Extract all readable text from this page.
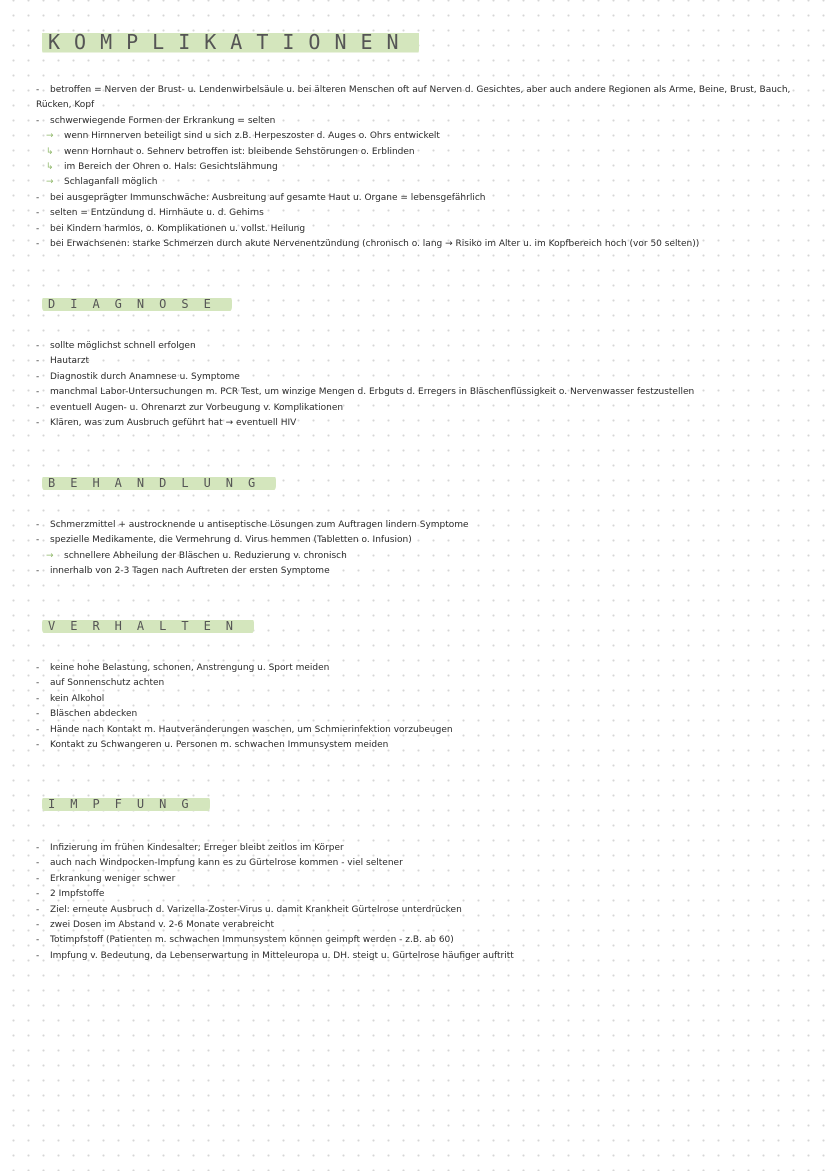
KOMPLIKATIONEN
- betroffen = Nerven der Brust- u. Lendenwirbelsäule u. bei älteren Menschen oft auf Nerven d. Gesichtes, aber auch andere Regionen als Arme, Beine, Brust, Bauch, Rücken, Kopf
- schwerwiegende Formen der Erkrankung = selten
→ wenn Hirnnerven beteiligt sind u sich z.B. Herpeszoster d. Auges o. Ohrs entwickelt
↳ wenn Hornhaut o. Sehnerv betroffen ist: bleibende Sehstörungen o. Erblinden
↳ im Bereich der Ohren o. Hals: Gesichtslähmung
→ Schlaganfall möglich
- bei ausgeprägter Immunschwäche: Ausbreitung auf gesamte Haut u. Organe = lebensgefährlich
- selten = Entzündung d. Hirnhäute u. d. Gehirns
- bei Kindern harmlos, o. Komplikationen u. vollst. Heilung
- bei Erwachsenen: starke Schmerzen durch akute Nervenentzündung (chronisch o. lang → Risiko im Alter u. im Kopfbereich hoch (vor 50 selten))
DIAGNOSE
- sollte möglichst schnell erfolgen
- Hautarzt
- Diagnostik durch Anamnese u. Symptome
- manchmal Labor-Untersuchungen m. PCR Test, um winzige Mengen d. Erbguts d. Erregers in Bläschenflüssigkeit o. Nervenwasser festzustellen
- eventuell Augen- u. Ohrenarzt zur Vorbeugung v. Komplikationen
- Klären, was zum Ausbruch geführt hat → eventuell HIV
BEHANDLUNG
- Schmerzmittel + austrocknende u antiseptische Lösungen zum Auftragen lindern Symptome
- spezielle Medikamente, die Vermehrung d. Virus hemmen (Tabletten o. Infusion)
→ schnellere Abheilung der Bläschen u. Reduzierung v. chronisch
- innerhalb von 2-3 Tagen nach Auftreten der ersten Symptome
VERHALTEN
- keine hohe Belastung, schonen, Anstrengung u. Sport meiden
- auf Sonnenschutz achten
- kein Alkohol
- Bläschen abdecken
- Hände nach Kontakt m. Hautveränderungen waschen, um Schmierinfektion vorzubeugen
- Kontakt zu Schwangeren u. Personen m. schwachen Immunsystem meiden
IMPFUNG
- Infizierung im frühen Kindesalter; Erreger bleibt zeitlos im Körper
- auch nach Windpocken-Impfung kann es zu Gürtelrose kommen - viel seltener
- Erkrankung weniger schwer
- 2 Impfstoffe
- Ziel: erneute Ausbruch d. Varizella-Zoster-Virus u. damit Krankheit Gürtelrose unterdrücken
- zwei Dosen im Abstand v. 2-6 Monate verabreicht
- Totimpfstoff (Patienten m. schwachen Immunsystem können geimpft werden - z.B. ab 60)
- Impfung v. Bedeutung, da Lebenserwartung in Mitteleuropa u. DH. steigt u. Gürtelrose häufiger auftritt
